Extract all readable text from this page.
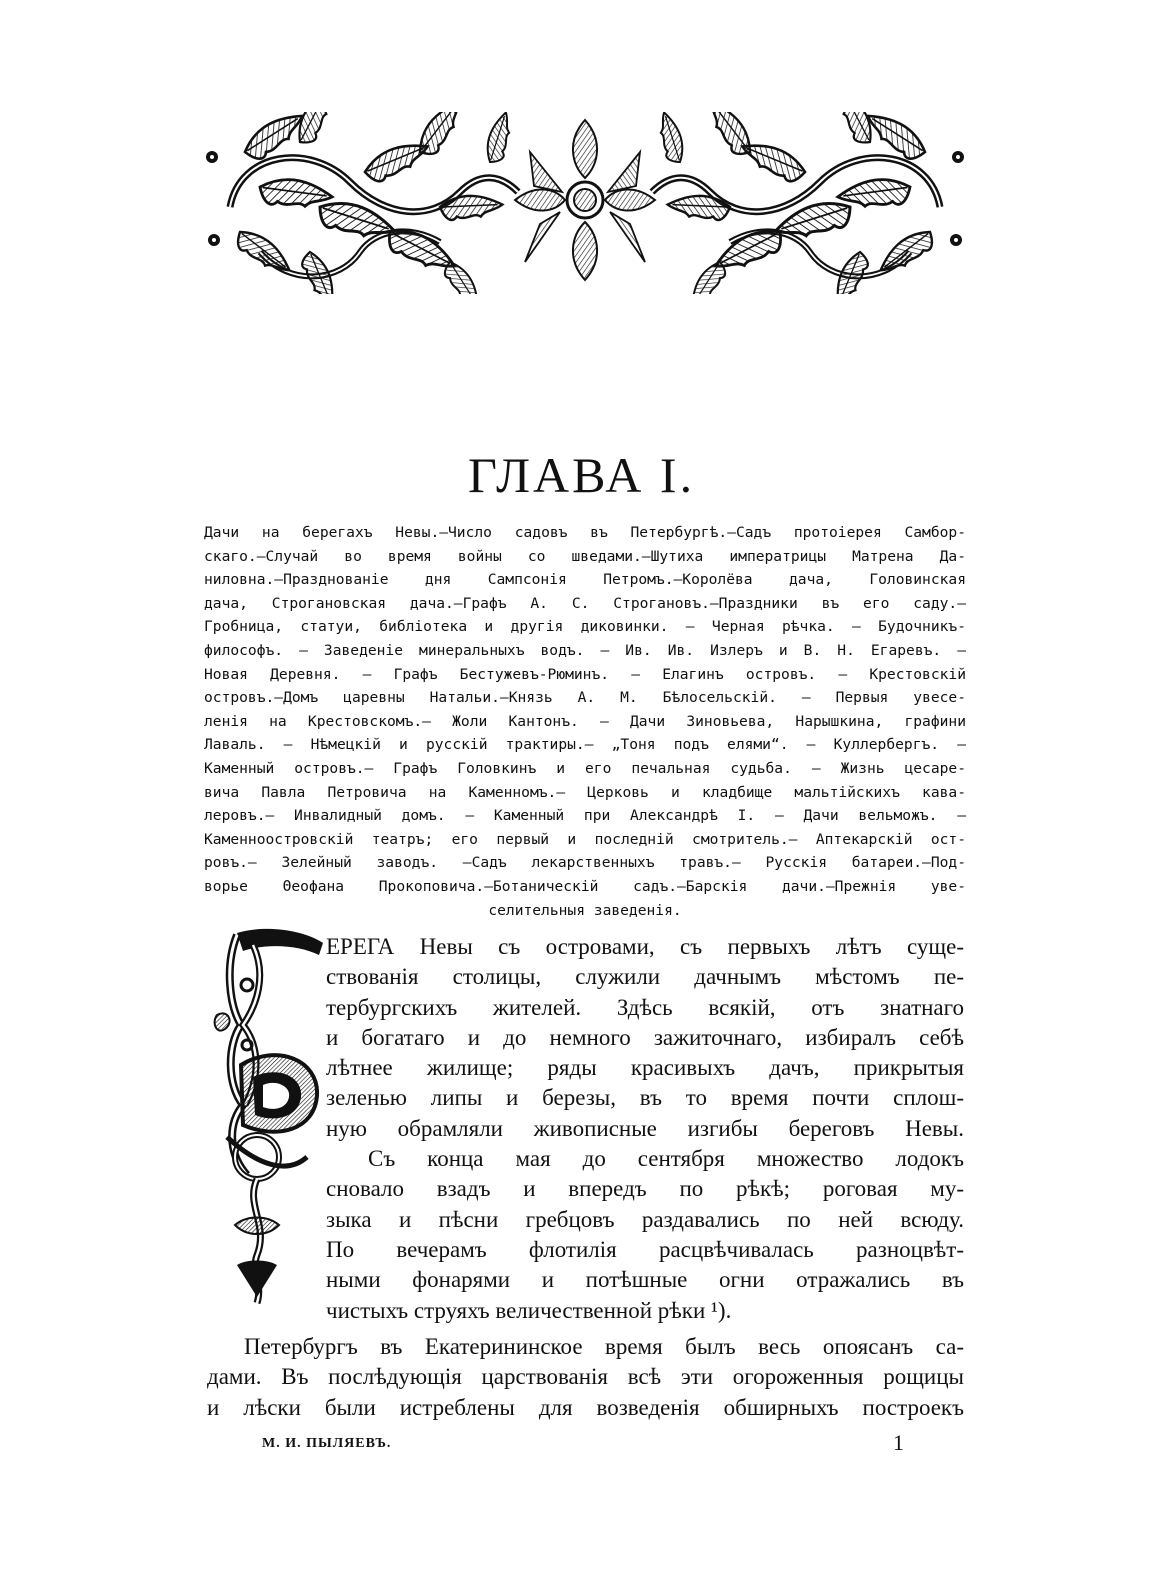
ГЛАВА I.
Дачи на берегахъ Невы.—Число садовъ въ Петербургѣ.—Садъ протоiерея Самбор-
скаго.—Случай во время войны со шведами.—Шутиха императрицы Матрена Да-
ниловна.—Празднованiе дня Сампсонiя Петромъ.—Королёва дача, Головинская
дача, Строгановская дача.—Графъ А. С. Строгановъ.—Праздники въ его саду.—
Гробница, статуи, библiотека и другiя диковинки. — Черная рѣчка. — Будочникъ-
философъ. — Заведенiе минеральныхъ водъ. — Ив. Ив. Излеръ и В. Н. Егаревъ. —
Новая Деревня. — Графъ Бестужевъ-Рюминъ. — Елагинъ островъ. — Крестовскiй
островъ.—Домъ царевны Натальи.—Князь А. М. Бѣлосельскiй. — Первыя увесе-
ленiя на Крестовскомъ.— Жоли Кантонъ. — Дачи Зиновьева, Нарышкина, графини
Лаваль. — Нѣмецкiй и русскiй трактиры.— „Тоня подъ елями“. — Куллербергъ. —
Каменный островъ.— Графъ Головкинъ и его печальная судьба. — Жизнь цесаре-
вича Павла Петровича на Каменномъ.— Церковь и кладбище мальтiйскихъ кава-
леровъ.— Инвалидный домъ. — Каменный при Александрѣ I. — Дачи вельможъ. —
Каменноостровскiй театръ; его первый и последнiй смотритель.— Аптекарскiй ост-
ровъ.— Зелейный заводъ. —Садъ лекарственныхъ травъ.— Русскiя батареи.—Под-
ворье Θеофана Прокоповича.—Ботаническiй садъ.—Барскiя дачи.—Прежнiя уве-
селительныя заведенiя.
ЕРЕГА Невы съ островами, съ первыхъ лѣтъ суще-
ствованiя столицы, служили дачнымъ мѣстомъ пе-
тербургскихъ жителей. Здѣсь всякiй, отъ знатнаго
и богатаго и до немного зажиточнаго, избиралъ себѣ
лѣтнее жилище; ряды красивыхъ дачъ, прикрытыя
зеленью липы и березы, въ то время почти сплош-
ную обрамляли живописные изгибы береговъ Невы.
Съ конца мая до сентября множество лодокъ
сновало взадъ и впередъ по рѣкѣ; роговая му-
зыка и пѣсни гребцовъ раздавались по ней всюду.
По вечерамъ флотилiя расцвѣчивалась разноцвѣт-
ными фонарями и потѣшные огни отражались въ
чистыхъ струяхъ величественной рѣки ¹).
Петербургъ въ Екатерининское время былъ весь опоясанъ са-
дами. Въ послѣдующiя царствованiя всѣ эти огороженныя рощицы
и лѣски были истреблены для возведенiя обширныхъ построекъ
М. И. ПЫЛЯЕВЪ.	1
